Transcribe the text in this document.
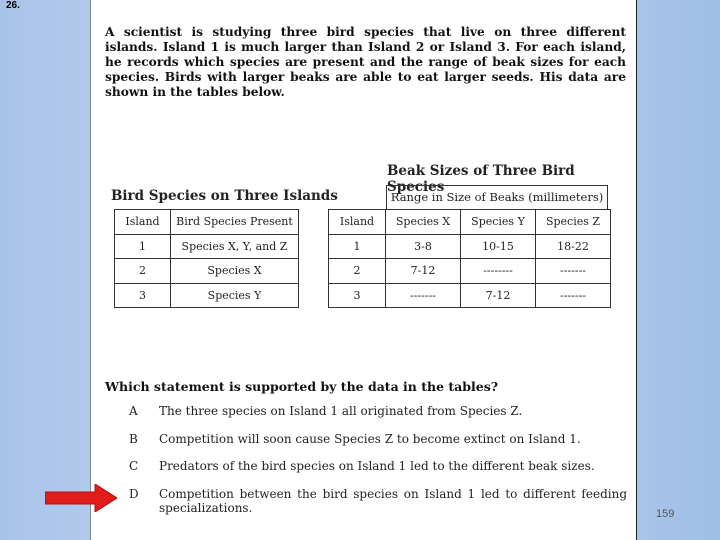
26.
A scientist is studying three bird species that live on three different islands. Island 1 is much larger than Island 2 or Island 3. For each island, he records which species are present and the range of beak sizes for each species. Birds with larger beaks are able to eat larger seeds. His data are shown in the tables below.
Bird Species on Three Islands
Island	Bird Species Present
1	Species X, Y, and Z
2	Species X
3	Species Y
Beak Sizes of Three Bird Species
Range in Size of Beaks (millimeters)
Island	Species X	Species Y	Species Z
1	3-8	10-15	18-22
2	7-12	--------	-------
3	-------	7-12	-------
Which statement is supported by the data in the tables?
A	The three species on Island 1 all originated from Species Z.
B	Competition will soon cause Species Z to become extinct on Island 1.
C	Predators of the bird species on Island 1 led to the different beak sizes.
D	Competition between the bird species on Island 1 led to different feeding specializations.	159
